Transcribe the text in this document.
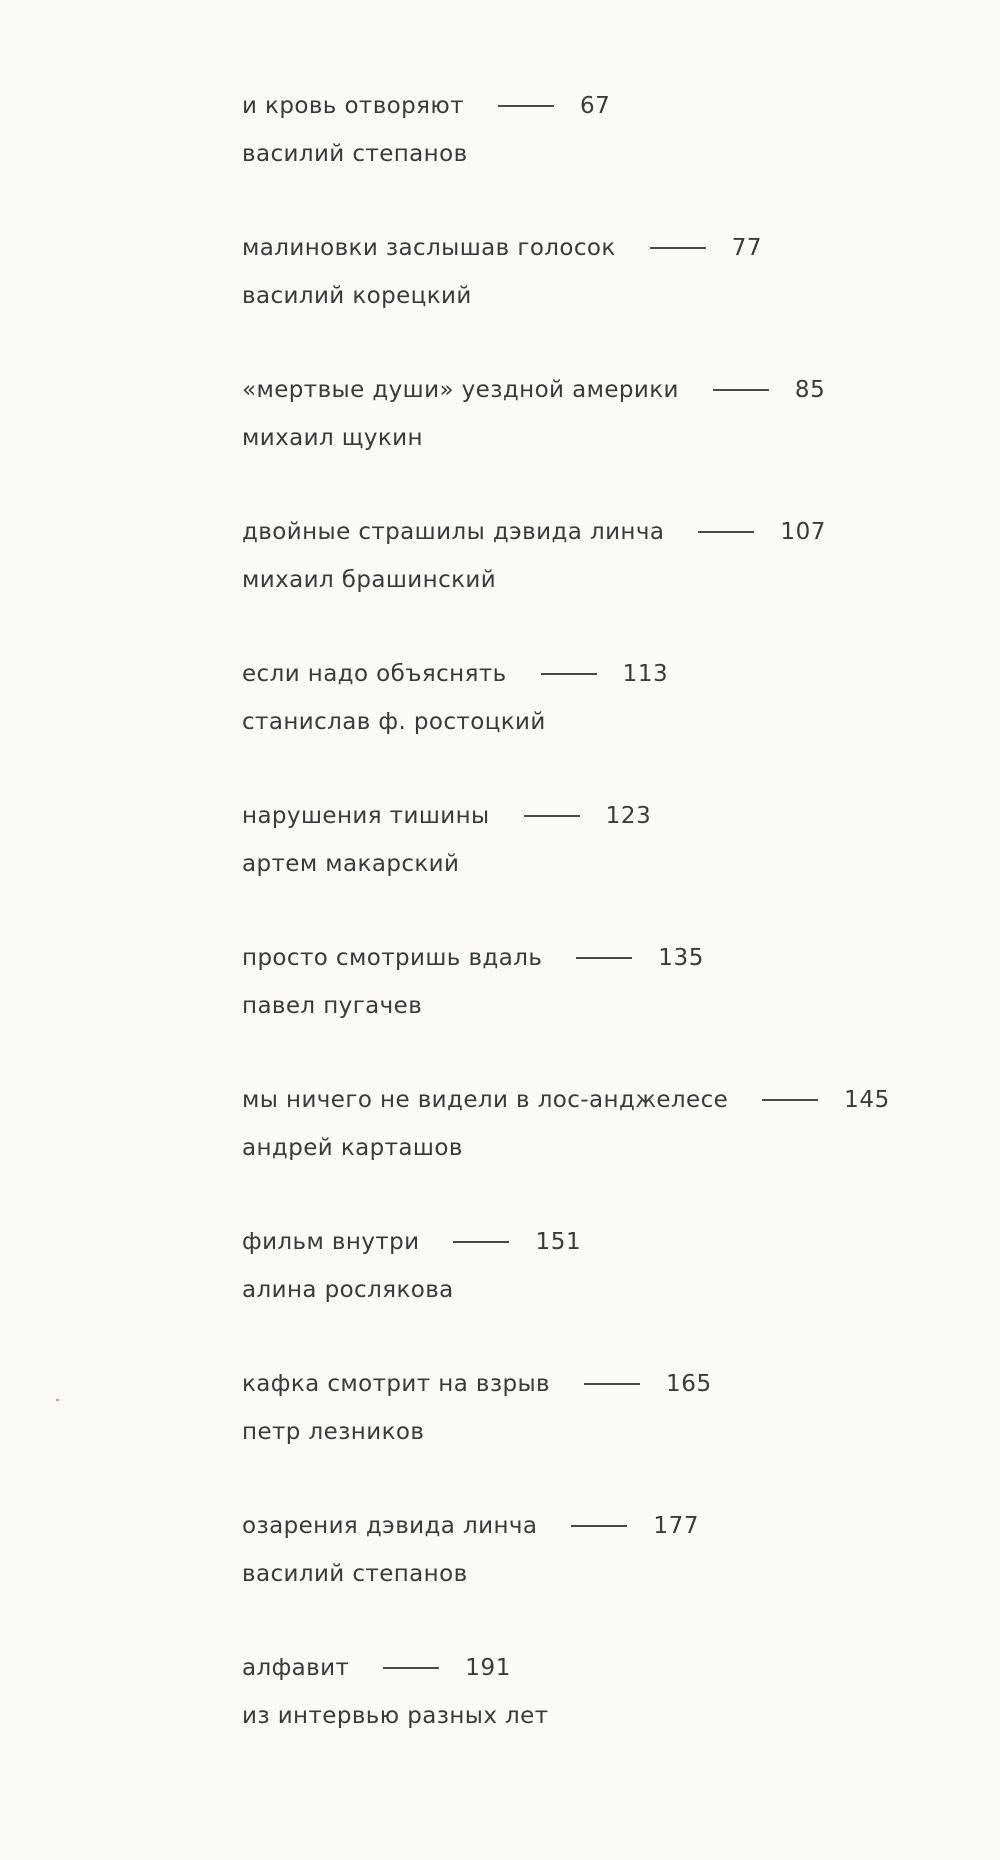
и кровь отворяют	67
василий степанов
малиновки заслышав голосок	77
василий корецкий
«мертвые души» уездной америки	85
михаил щукин
двойные страшилы дэвида линча	107
михаил брашинский
если надо объяснять	113
станислав ф. ростоцкий
нарушения тишины	123
артем макарский
просто смотришь вдаль	135
павел пугачев
мы ничего не видели в лос-анджелесе	145
андрей карташов
фильм внутри	151
алина рослякова
кафка смотрит на взрыв	165
петр лезников
озарения дэвида линча	177
василий степанов
алфавит	191
из интервью разных лет
